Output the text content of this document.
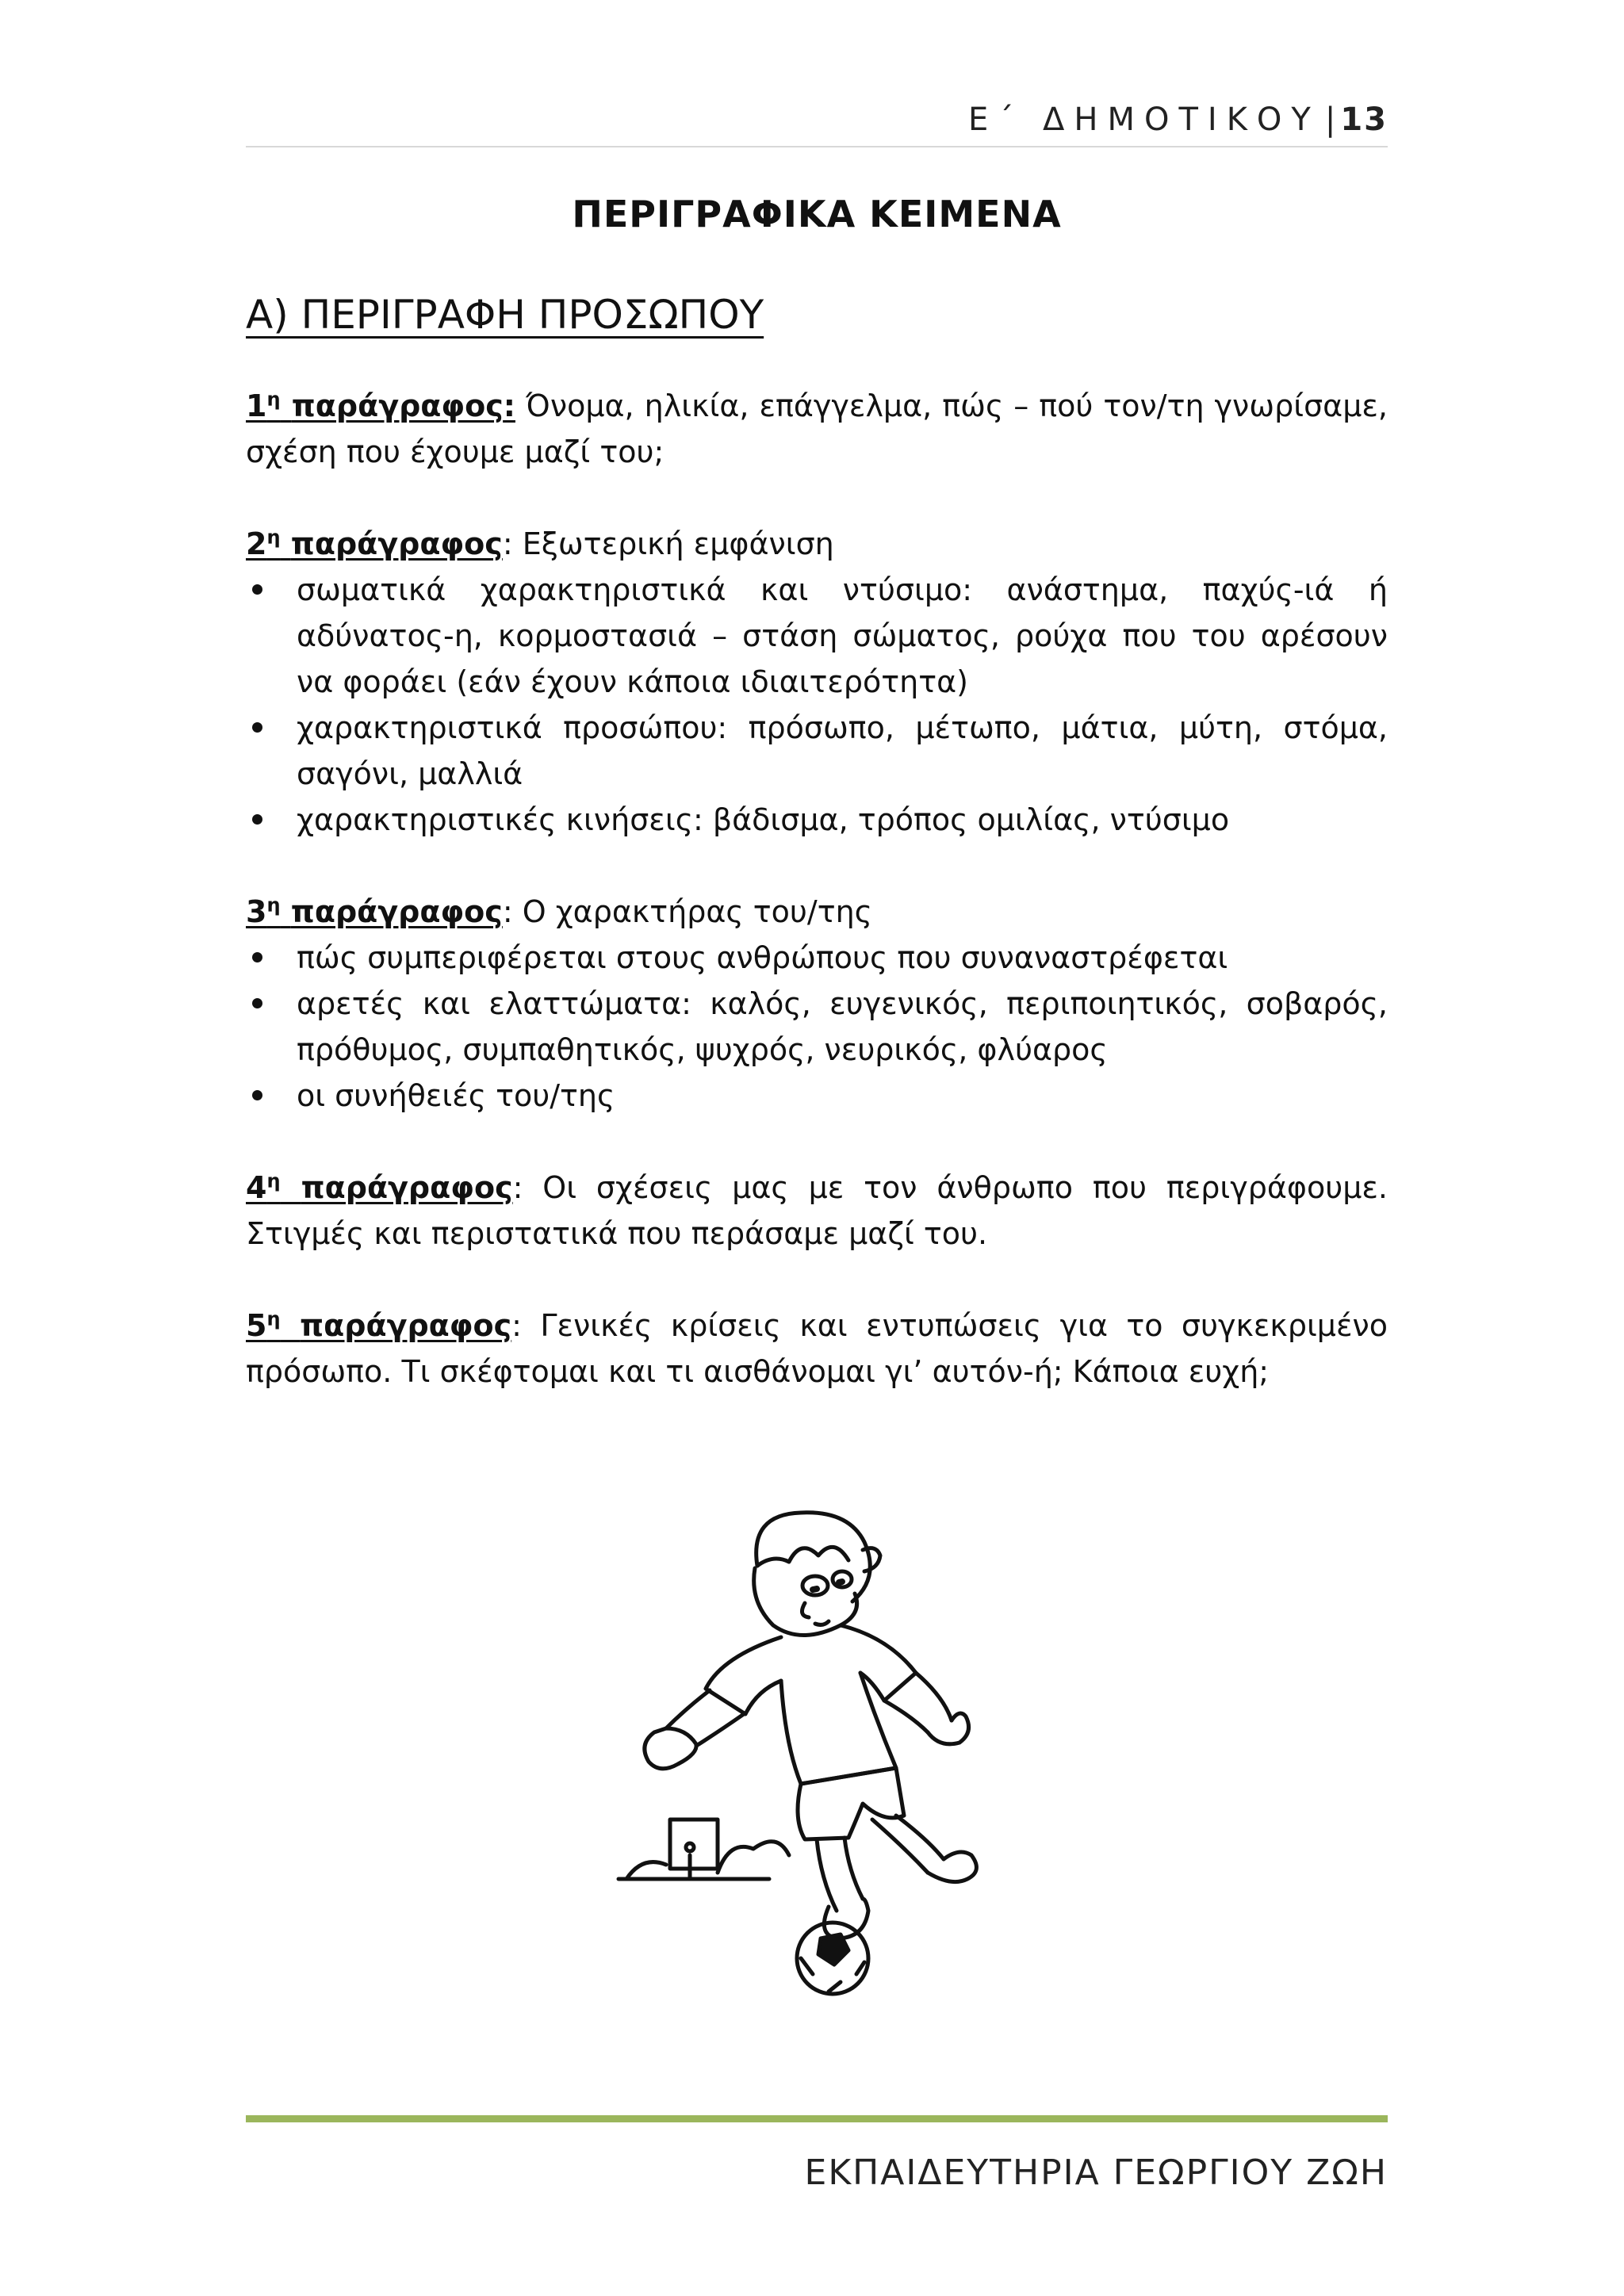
Ε΄ ΔΗΜΟΤΙΚΟΥ | 13
ΠΕΡΙΓΡΑΦΙΚΑ ΚΕΙΜΕΝΑ
Α) ΠΕΡΙΓΡΑΦΗ ΠΡΟΣΩΠΟΥ

$1^\eta$ παράγραφος: Όνομα, ηλικία, επάγγελμα, πώς – πού τον/τη γνωρίσαμε, σχέση που έχουμε μαζί του;

$2^\eta$ παράγραφος: Εξωτερική εμφάνιση

σωματικά χαρακτηριστικά και ντύσιμο: ανάστημα, παχύς-ιά ή αδύνατος-η, κορμοστασιά – στάση σώματος, ρούχα που του αρέσουν να φοράει (εάν έχουν κάποια ιδιαιτερότητα)
χαρακτηριστικά προσώπου: πρόσωπο, μέτωπο, μάτια, μύτη, στόμα, σαγόνι, μαλλιά
χαρακτηριστικές κινήσεις: βάδισμα, τρόπος ομιλίας, ντύσιμο

$3^\eta$ παράγραφος: Ο χαρακτήρας του/της

πώς συμπεριφέρεται στους ανθρώπους που συναναστρέφεται
αρετές και ελαττώματα: καλός, ευγενικός, περιποιητικός, σοβαρός, πρόθυμος, συμπαθητικός, ψυχρός, νευρικός, φλύαρος
οι συνήθειές του/της

$4^\eta$ παράγραφος: Οι σχέσεις μας με τον άνθρωπο που περιγράφουμε. Στιγμές και περιστατικά που περάσαμε μαζί του.

$5^\eta$ παράγραφος: Γενικές κρίσεις και εντυπώσεις για το συγκεκριμένο πρόσωπο. Τι σκέφτομαι και τι αισθάνομαι γι’ αυτόν-ή; Κάποια ευχή;

ΕΚΠΑΙΔΕΥΤΗΡΙΑ ΓΕΩΡΓΙΟΥ ΖΩΗ
